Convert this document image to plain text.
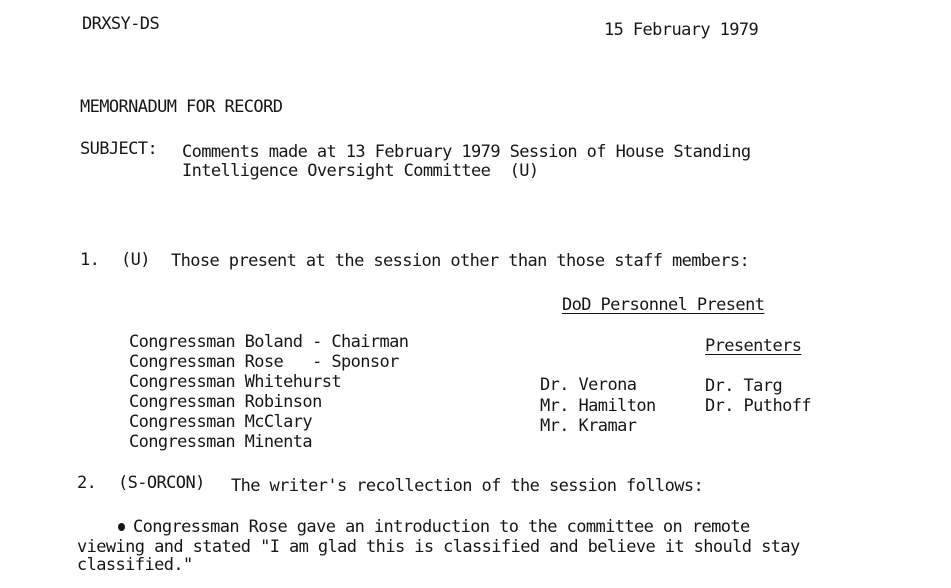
DRXSY-DS	15 February 1979
MEMORNADUM FOR RECORD
SUBJECT: Comments made at 13 February 1979 Session of House Standing
Intelligence Oversight Committee  (U)
1. (U) Those present at the session other than those staff members:
DoD Personnel Present
Presenters
Congressman Boland - Chairman
Congressman Rose   - Sponsor
Congressman Whitehurst
Congressman Robinson
Congressman McClary
Congressman Minenta
Dr. Verona
Mr. Hamilton
Mr. Kramar
Dr. Targ
Dr. Puthoff
2. (S-ORCON) The writer's recollection of the session follows:
Congressman Rose gave an introduction to the committee on remote
viewing and stated "I am glad this is classified and believe it should stay
classified."
